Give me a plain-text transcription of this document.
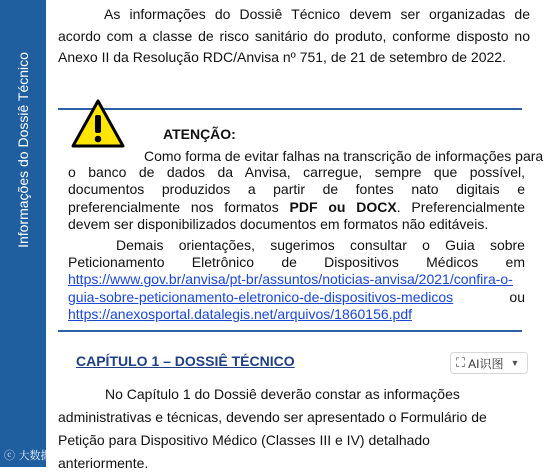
Informações do Dossiê Técnico

As informações do Dossiê Técnico devem ser organizadas de acordo com a classe de risco sanitário do produto, conforme disposto no Anexo II da Resolução RDC/Anvisa nº 751, de 21 de setembro de 2022.

ATENÇÃO:
Como forma de evitar falhas na transcrição de informações para

o banco de dados da Anvisa, carregue, sempre que possível, documentos produzidos a partir de fontes nato digitais e preferencialmente nos formatos PDF ou DOCX. Preferencialmente devem ser disponibilizados documentos em formatos não editáveis.

Demais orientações, sugerimos consultar o Guia sobre
Peticionamento Eletrônico de Dispositivos Médicos em
https://www.gov.br/anvisa/pt-br/assuntos/noticias-anvisa/2021/confira-o-
guia-sobre-peticionamento-eletronico-de-dispositivos-medicos	ou
https://anexosportal.datalegis.net/arquivos/1860156.pdf
CAPÍTULO 1 – DOSSIÊ TÉCNICO	⛶ AI识图 ▼

No Capítulo 1 do Dossiê deverão constar as informações
administrativas e técnicas, devendo ser apresentado o Formulário de
Petição para Dispositivo Médico (Classes III e IV) detalhado
anteriormente.

ⓒ 大数据
